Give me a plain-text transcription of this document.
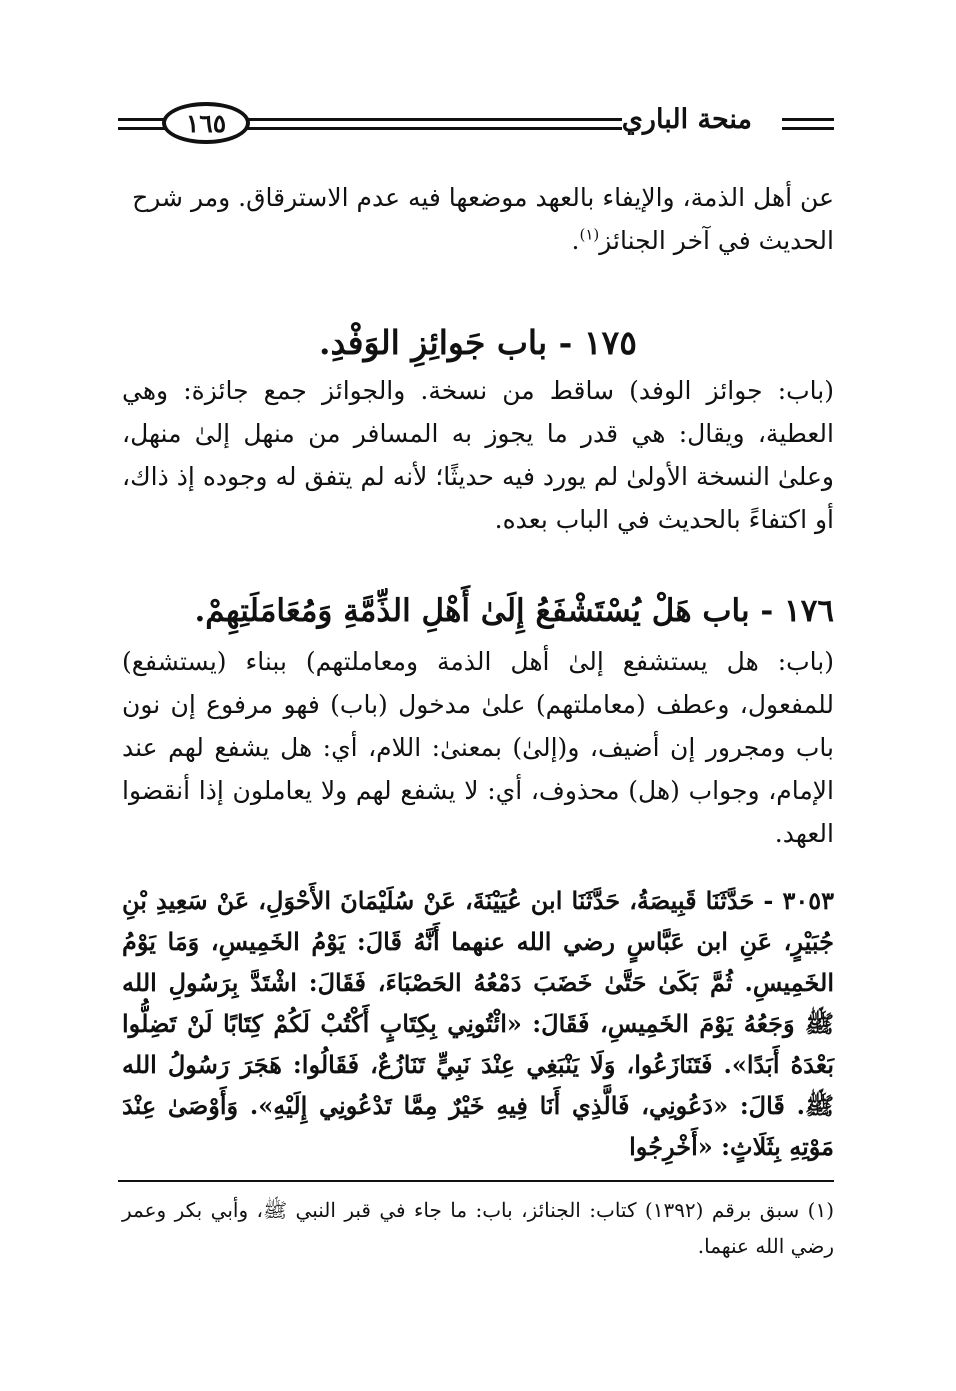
منحة الباري
١٦٥
عن أهل الذمة، والإيفاء بالعهد موضعها فيه عدم الاسترقاق. ومر شرح
الحديث في آخر الجنائز$^{(١)}$.
١٧٥ - باب جَوائِزِ الوَفْدِ.
(باب: جوائز الوفد) ساقط من نسخة. والجوائز جمع جائزة: وهي العطية، ويقال: هي قدر ما يجوز به المسافر من منهل إلىٰ منهل، وعلىٰ النسخة الأولىٰ لم يورد فيه حديثًا؛ لأنه لم يتفق له وجوده إذ ذاك، أو اكتفاءً بالحديث في الباب بعده.
١٧٦ - باب هَلْ يُسْتَشْفَعُ إِلَىٰ أَهْلِ الذِّمَّةِ وَمُعَامَلَتِهِمْ.
(باب: هل يستشفع إلىٰ أهل الذمة ومعاملتهم) ببناء (يستشفع) للمفعول، وعطف (معاملتهم) علىٰ مدخول (باب) فهو مرفوع إن نون باب ومجرور إن أضيف، و(إلىٰ) بمعنىٰ: اللام، أي: هل يشفع لهم عند الإمام، وجواب (هل) محذوف، أي: لا يشفع لهم ولا يعاملون إذا أنقضوا العهد.
٣٠٥٣ - حَدَّثَنَا قَبِيصَةُ، حَدَّثَنَا ابن عُيَيْنَةَ، عَنْ سُلَيْمَانَ الأَحْوَلِ، عَنْ سَعِيدِ بْنِ جُبَيْرٍ، عَنِ ابن عَبَّاسٍ رضي الله عنهما أَنَّهُ قَالَ: يَوْمُ الخَمِيسِ، وَمَا يَوْمُ الخَمِيسِ. ثُمَّ بَكَىٰ حَتَّىٰ خَضَبَ دَمْعُهُ الحَصْبَاءَ، فَقَالَ: اشْتَدَّ بِرَسُولِ الله ﷺ وَجَعُهُ يَوْمَ الخَمِيسِ، فَقَالَ: «ائْتُونِي بِكِتَابٍ أَكْتُبْ لَكُمْ كِتَابًا لَنْ تَضِلُّوا بَعْدَهُ أَبَدًا». فَتَنَازَعُوا، وَلَا يَنْبَغِي عِنْدَ نَبِيٍّ تَنَازُعٌ، فَقَالُوا: هَجَرَ رَسُولُ الله ﷺ. قَالَ: «دَعُونِي، فَالَّذِي أَنَا فِيهِ خَيْرٌ مِمَّا تَدْعُونِي إِلَيْهِ». وَأَوْصَىٰ عِنْدَ مَوْتِهِ بِثَلَاثٍ: «أَخْرِجُوا
(١) سبق برقم (١٣٩٢) كتاب: الجنائز، باب: ما جاء في قبر النبي ﷺ، وأبي بكر وعمر رضي الله عنهما.
